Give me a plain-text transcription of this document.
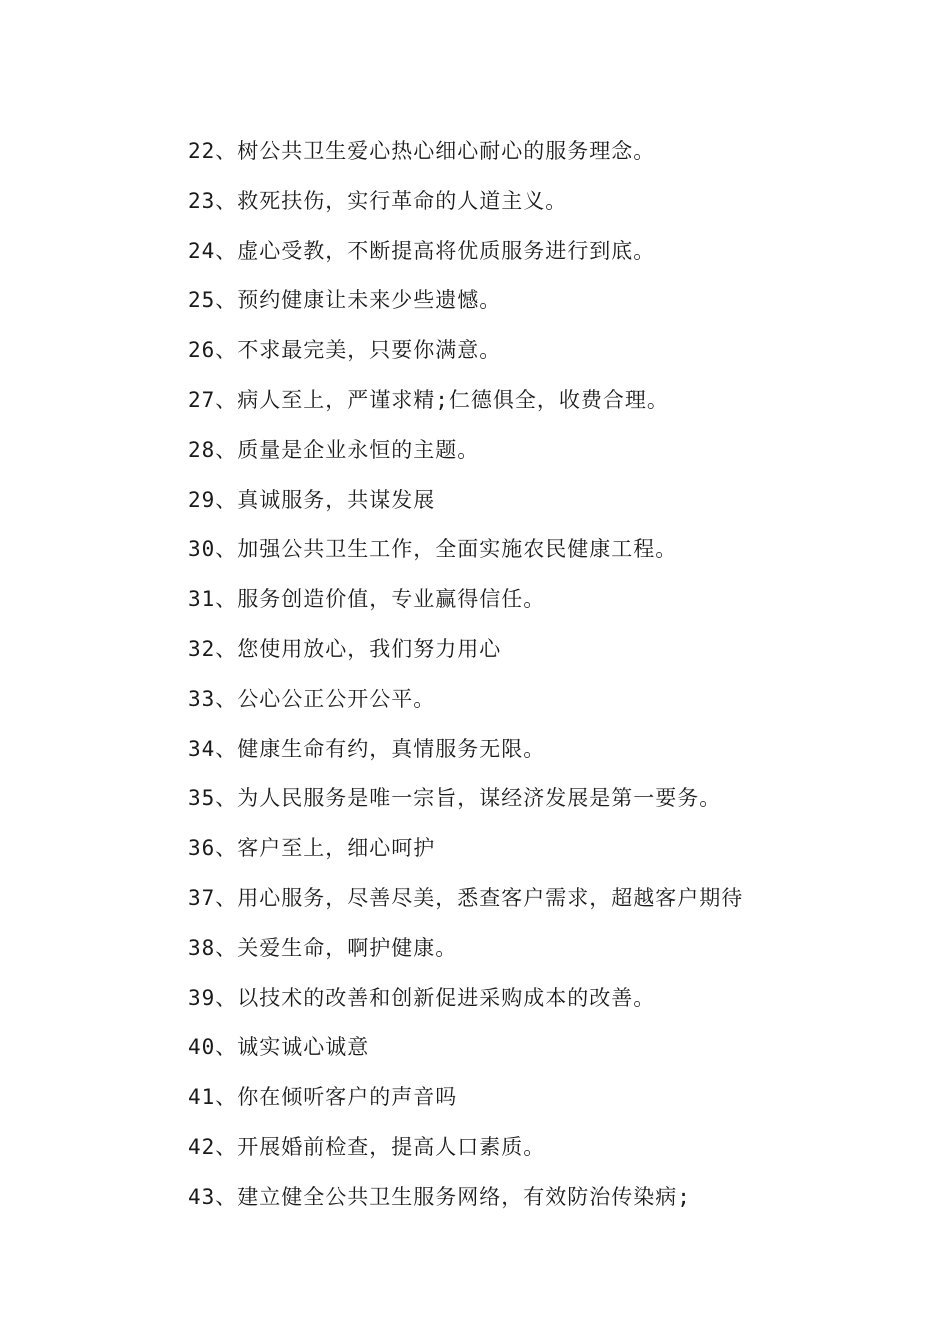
22、树公共卫生爱心热心细心耐心的服务理念。
23、救死扶伤，实行革命的人道主义。
24、虚心受教，不断提高将优质服务进行到底。
25、预约健康让未来少些遗憾。
26、不求最完美，只要你满意。
27、病人至上，严谨求精;仁德俱全，收费合理。
28、质量是企业永恒的主题。
29、真诚服务，共谋发展
30、加强公共卫生工作，全面实施农民健康工程。
31、服务创造价值，专业赢得信任。
32、您使用放心，我们努力用心
33、公心公正公开公平。
34、健康生命有约，真情服务无限。
35、为人民服务是唯一宗旨，谋经济发展是第一要务。
36、客户至上，细心呵护
37、用心服务，尽善尽美，悉查客户需求，超越客户期待
38、关爱生命，啊护健康。
39、以技术的改善和创新促进采购成本的改善。
40、诚实诚心诚意
41、你在倾听客户的声音吗
42、开展婚前检查，提高人口素质。
43、建立健全公共卫生服务网络，有效防治传染病;
